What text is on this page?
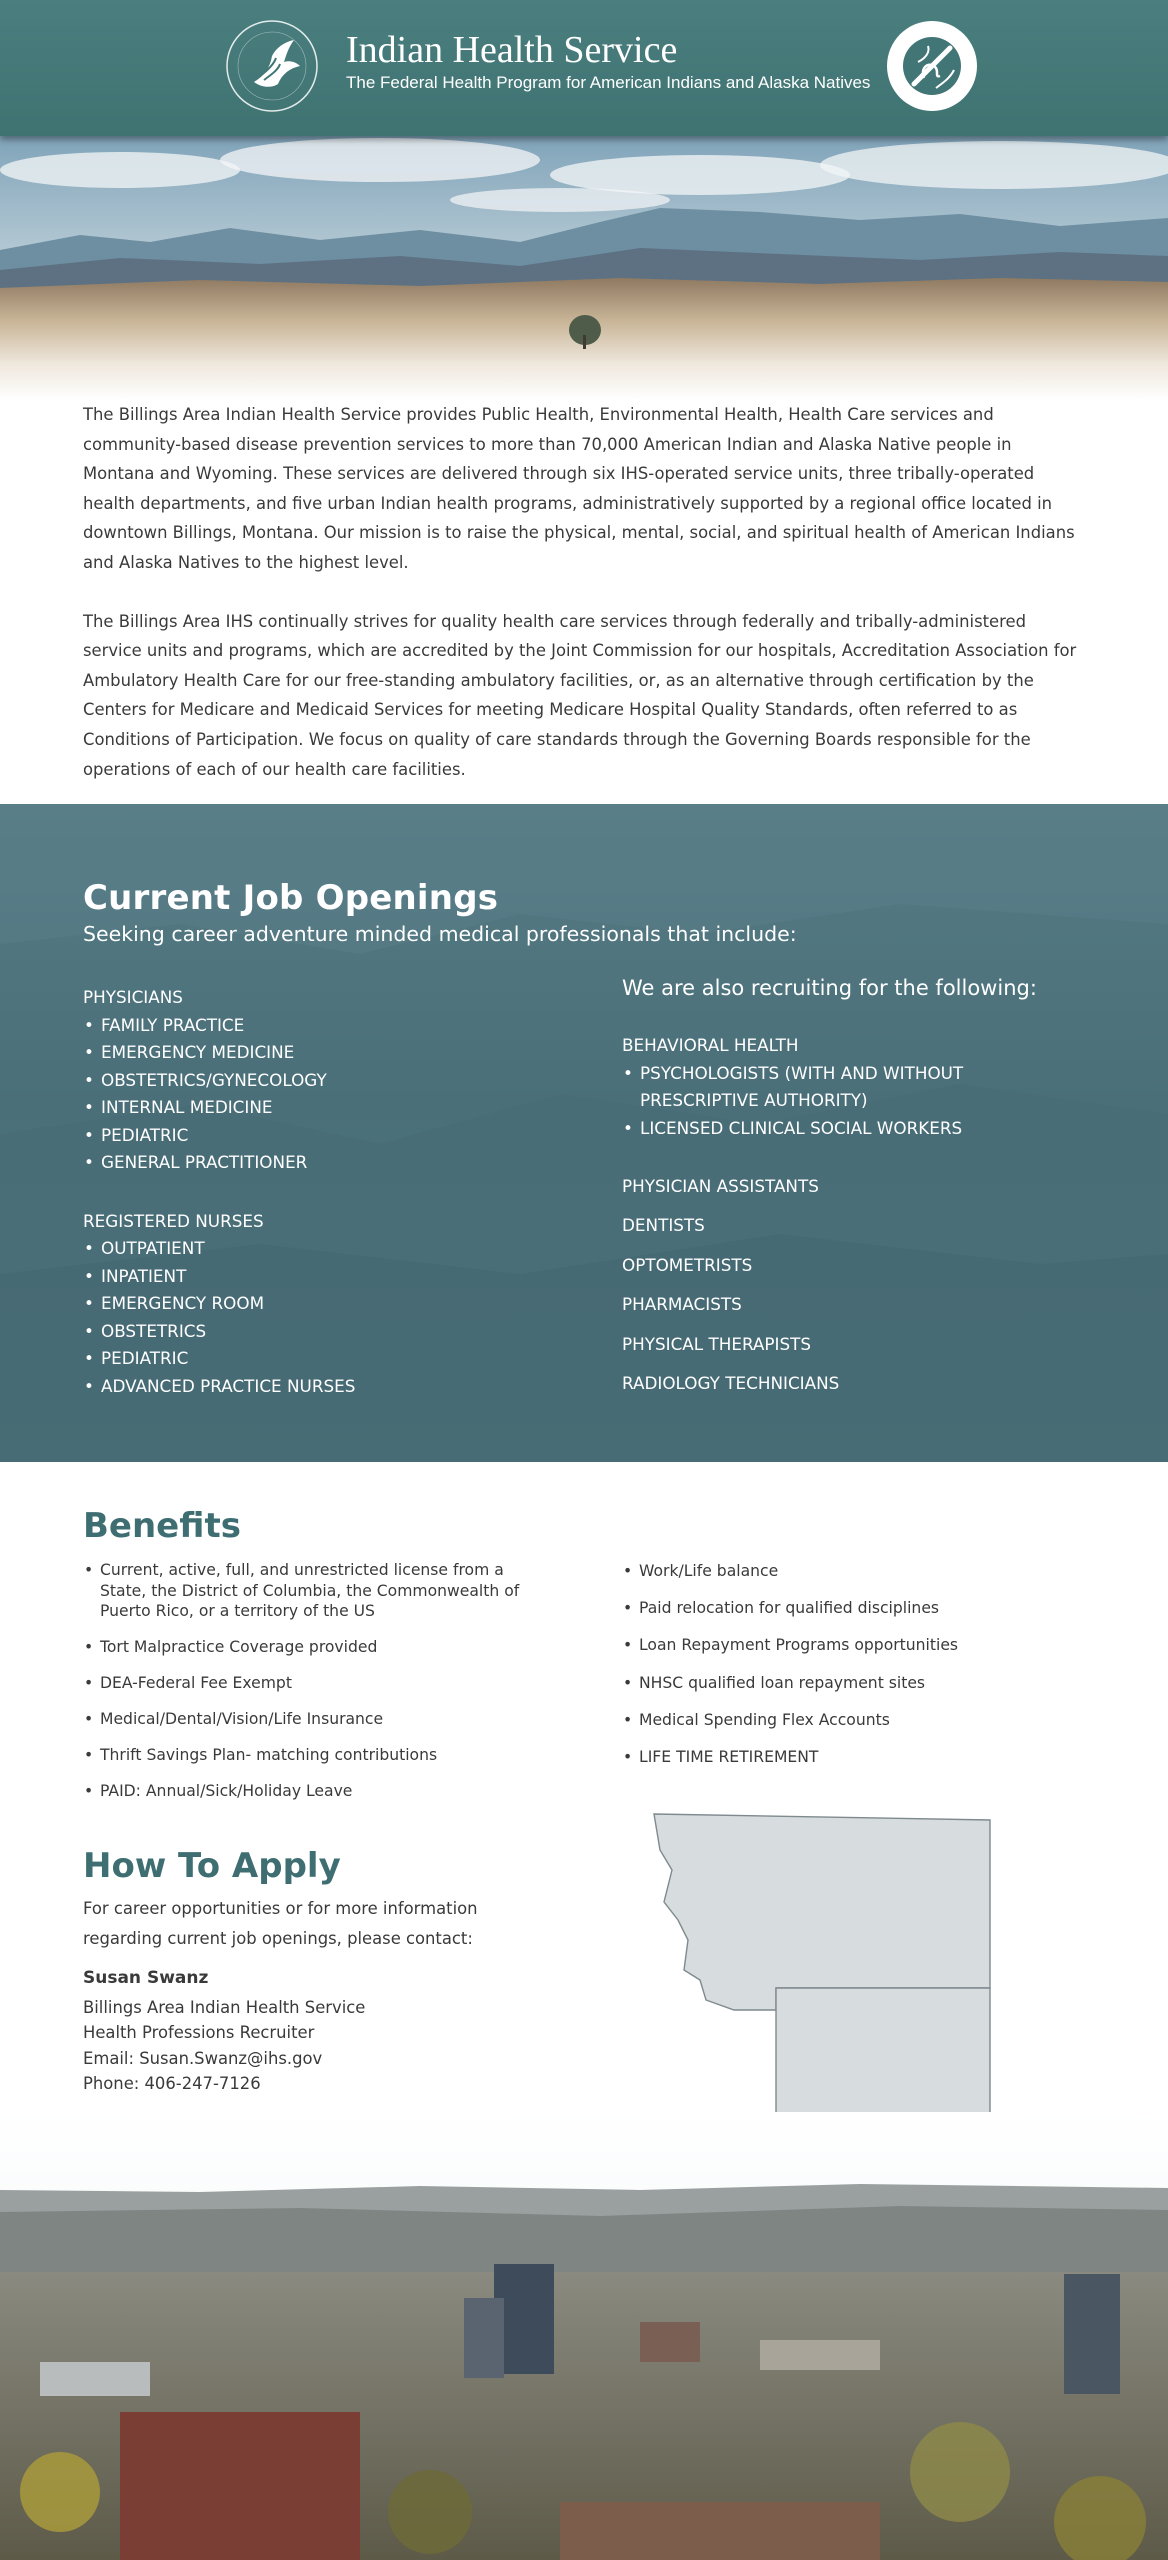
Indian Health Service
The Federal Health Program for American Indians and Alaska Natives

The Billings Area Indian Health Service provides Public Health, Environmental Health, Health Care services and community-based disease prevention services to more than 70,000 American Indian and Alaska Native people in Montana and Wyoming. These services are delivered through six IHS-operated service units, three tribally-operated health departments, and five urban Indian health programs, administratively supported by a regional office located in downtown Billings, Montana. Our mission is to raise the physical, mental, social, and spiritual health of American Indians and Alaska Natives to the highest level.

The Billings Area IHS continually strives for quality health care services through federally and tribally-administered service units and programs, which are accredited by the Joint Commission for our hospitals, Accreditation Association for Ambulatory Health Care for our free-standing ambulatory facilities, or, as an alternative through certification by the Centers for Medicare and Medicaid Services for meeting Medicare Hospital Quality Standards, often referred to as Conditions of Participation. We focus on quality of care standards through the Governing Boards responsible for the operations of each of our health care facilities.

Current Job Openings
Seeking career adventure minded medical professionals that include:
PHYSICIANS
• FAMILY PRACTICE
• EMERGENCY MEDICINE
• OBSTETRICS/GYNECOLOGY
• INTERNAL MEDICINE
• PEDIATRIC
• GENERAL PRACTITIONER
REGISTERED NURSES
• OUTPATIENT
• INPATIENT
• EMERGENCY ROOM
• OBSTETRICS
• PEDIATRIC
• ADVANCED PRACTICE NURSES
We are also recruiting for the following:
BEHAVIORAL HEALTH
• PSYCHOLOGISTS (WITH AND WITHOUT PRESCRIPTIVE AUTHORITY)
• LICENSED CLINICAL SOCIAL WORKERS
PHYSICIAN ASSISTANTS
DENTISTS
OPTOMETRISTS
PHARMACISTS
PHYSICAL THERAPISTS
RADIOLOGY TECHNICIANS
Benefits
• Current, active, full, and unrestricted license from a State, the District of Columbia, the Commonwealth of Puerto Rico, or a territory of the US
• Tort Malpractice Coverage provided
• DEA-Federal Fee Exempt
• Medical/Dental/Vision/Life Insurance
• Thrift Savings Plan- matching contributions
• PAID: Annual/Sick/Holiday Leave
• Work/Life balance
• Paid relocation for qualified disciplines
• Loan Repayment Programs opportunities
• NHSC qualified loan repayment sites
• Medical Spending Flex Accounts
• LIFE TIME RETIREMENT
How To Apply
For career opportunities or for more information regarding current job openings, please contact:
Susan Swanz
Billings Area Indian Health Service
Health Professions Recruiter
Email: Susan.Swanz@ihs.gov
Phone: 406-247-7126
